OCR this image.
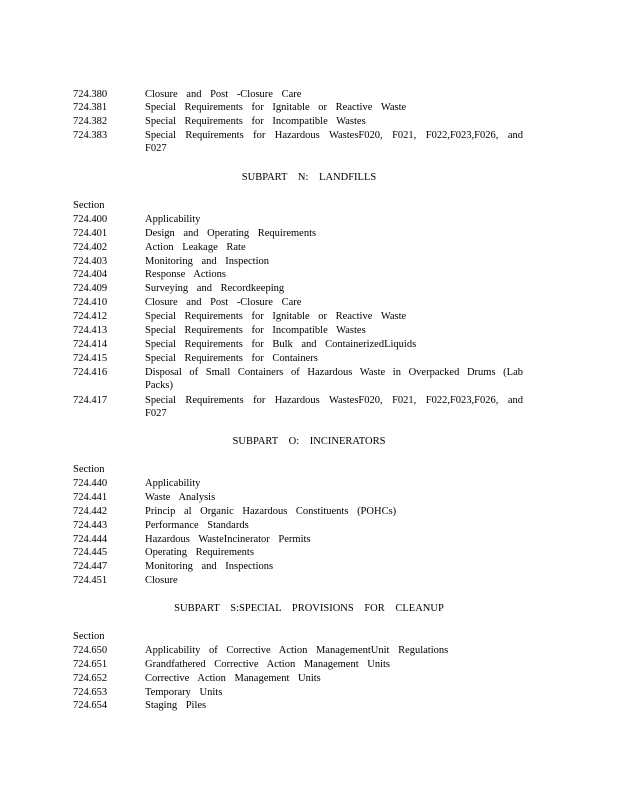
724.380	Closure and Post -Closure Care
724.381	Special Requirements for Ignitable or Reactive Waste
724.382	Special Requirements for Incompatible Wastes
724.383	Special Requirements for Hazardous WastesF020, F021, F022,F023,F026, and
F027
SUBPART N: LANDFILLS
Section
724.400	Applicability
724.401	Design and Operating Requirements
724.402	Action Leakage Rate
724.403	Monitoring and Inspection
724.404	Response Actions
724.409	Surveying and Recordkeeping
724.410	Closure and Post -Closure Care
724.412	Special Requirements for Ignitable or Reactive Waste
724.413	Special Requirements for Incompatible Wastes
724.414	Special Requirements for Bulk and ContainerizedLiquids
724.415	Special Requirements for Containers
724.416	Disposal of Small Containers of Hazardous Waste in Overpacked Drums (Lab
Packs)
724.417	Special Requirements for Hazardous WastesF020, F021, F022,F023,F026, and
F027
SUBPART O: INCINERATORS
Section
724.440	Applicability
724.441	Waste Analysis
724.442	Princip al Organic Hazardous Constituents (POHCs)
724.443	Performance Standards
724.444	Hazardous WasteIncinerator Permits
724.445	Operating Requirements
724.447	Monitoring and Inspections
724.451	Closure
SUBPART S:SPECIAL PROVISIONS FOR CLEANUP
Section
724.650	Applicability of Corrective Action ManagementUnit Regulations
724.651	Grandfathered Corrective Action Management Units
724.652	Corrective Action Management Units
724.653	Temporary Units
724.654	Staging Piles
